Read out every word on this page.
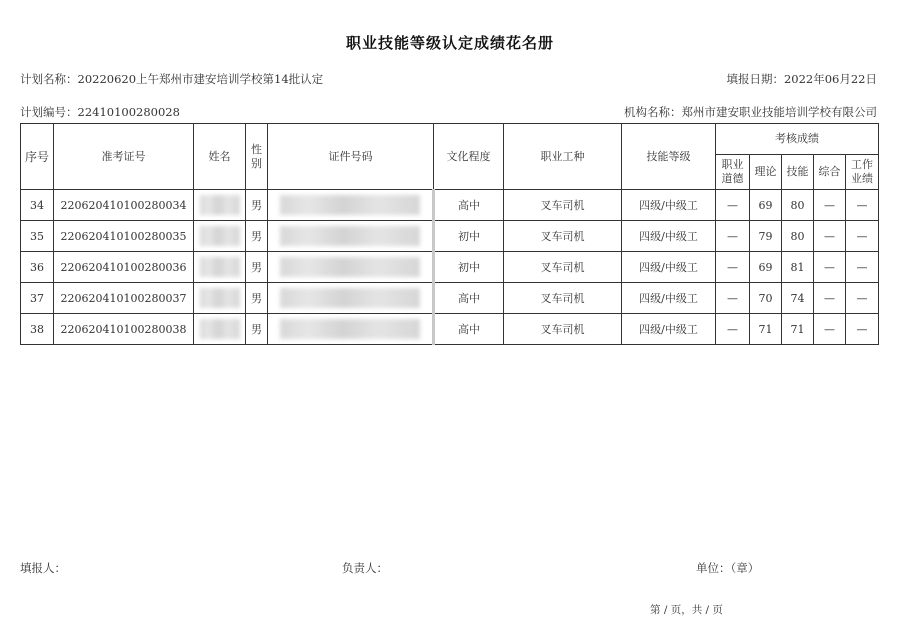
职业技能等级认定成绩花名册
计划名称：20220620上午郑州市建安培训学校第14批认定	填报日期：2022年06月22日
计划编号：22410100280028	机构名称：郑州市建安职业技能培训学校有限公司
序号	准考证号	姓名	性别	证件号码	文化程度	职业工种	技能等级	考核成绩				

								职业道德	理论	技能	综合	工作业绩

34	220620410100280034		男		高中	叉车司机	四级/中级工	—	69	80	—	—
35	220620410100280035		男		初中	叉车司机	四级/中级工	—	79	80	—	—
36	220620410100280036		男		初中	叉车司机	四级/中级工	—	69	81	—	—
37	220620410100280037		男		高中	叉车司机	四级/中级工	—	70	74	—	—
38	220620410100280038		男		高中	叉车司机	四级/中级工	—	71	71	—	—
填报人：	负责人：	单位：（章）
第 / 页，共 / 页
